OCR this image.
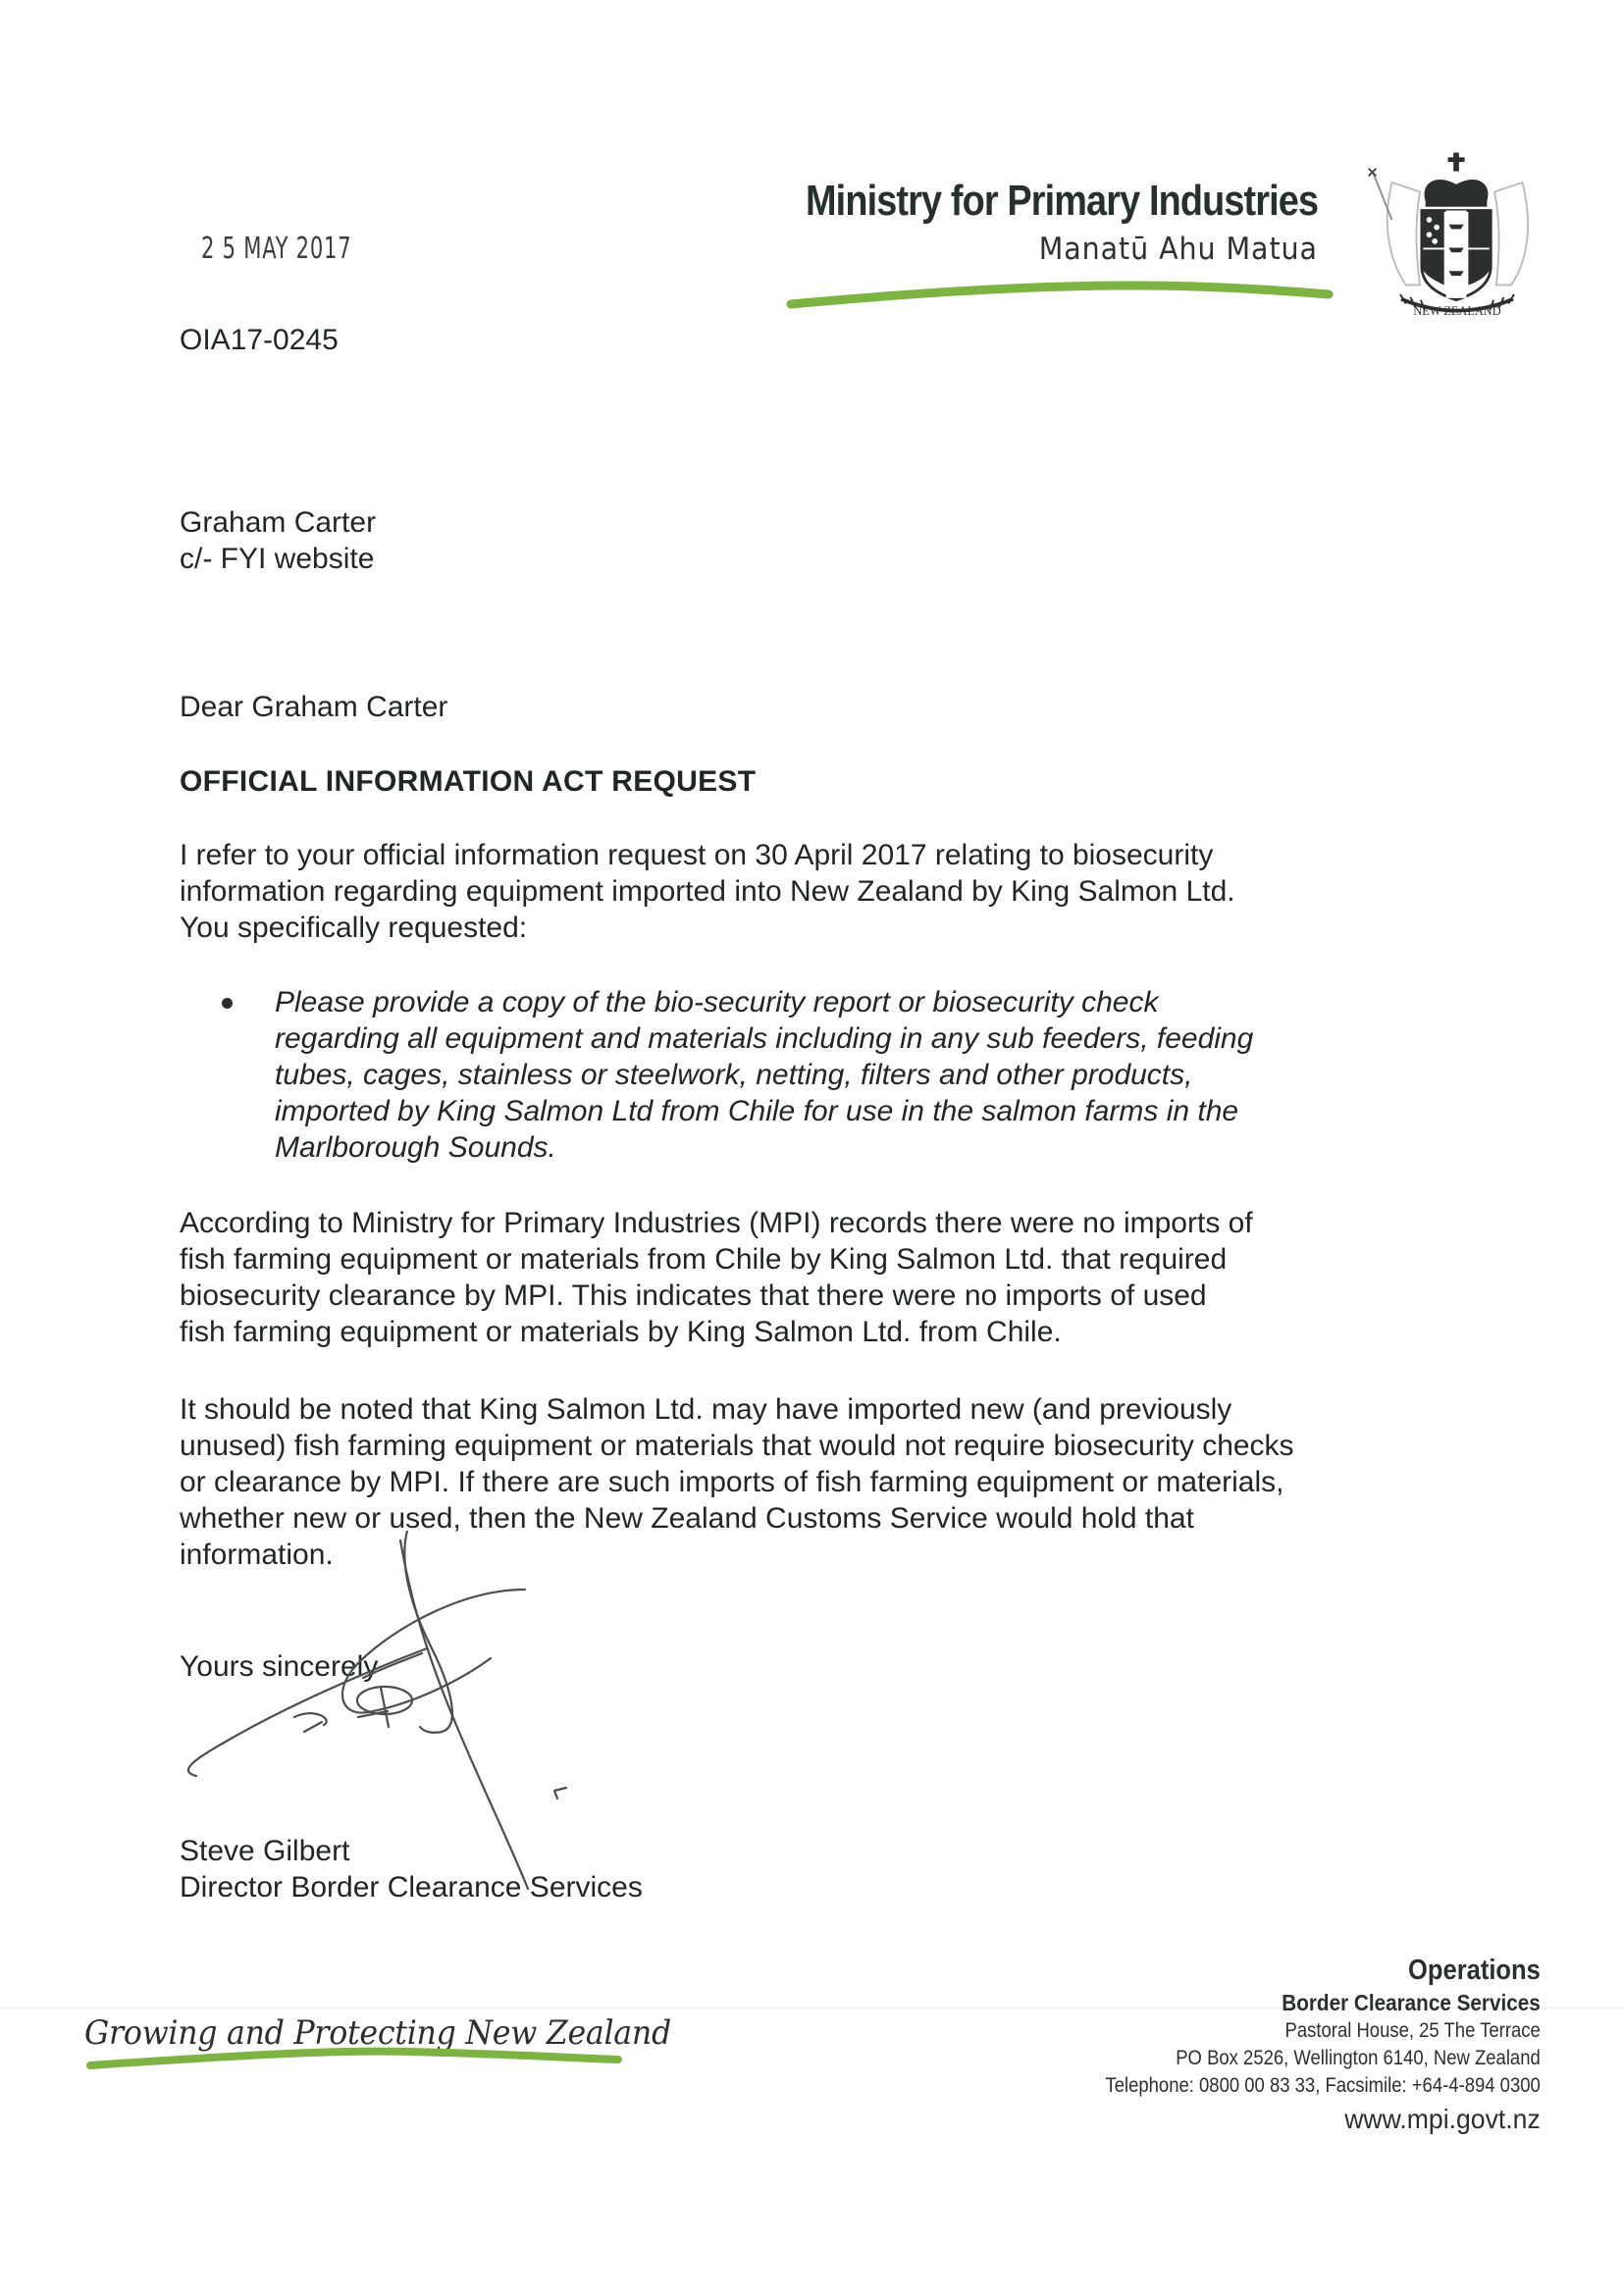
Ministry for Primary Industries
Manatū Ahu Matua
NEW ZEALAND
2 5 MAY 2017
OIA17-0245
Graham Carter
c/- FYI website
Dear Graham Carter
OFFICIAL INFORMATION ACT REQUEST

I refer to your official information request on 30 April 2017 relating to biosecurity
information regarding equipment imported into New Zealand by King Salmon Ltd.
You specifically requested:

Please provide a copy of the bio-security report or biosecurity check
regarding all equipment and materials including in any sub feeders, feeding
tubes, cages, stainless or steelwork, netting, filters and other products,
imported by King Salmon Ltd from Chile for use in the salmon farms in the
Marlborough Sounds.

According to Ministry for Primary Industries (MPI) records there were no imports of
fish farming equipment or materials from Chile by King Salmon Ltd. that required
biosecurity clearance by MPI. This indicates that there were no imports of used
fish farming equipment or materials by King Salmon Ltd. from Chile.

It should be noted that King Salmon Ltd. may have imported new (and previously
unused) fish farming equipment or materials that would not require biosecurity checks
or clearance by MPI. If there are such imports of fish farming equipment or materials,
whether new or used, then the New Zealand Customs Service would hold that
information.

Yours sincerely
Steve Gilbert
Director Border Clearance Services
Growing and Protecting New Zealand
Operations
Border Clearance Services
Pastoral House, 25 The Terrace
PO Box 2526, Wellington 6140, New Zealand
Telephone: 0800 00 83 33, Facsimile: +64-4-894 0300
www.mpi.govt.nz
